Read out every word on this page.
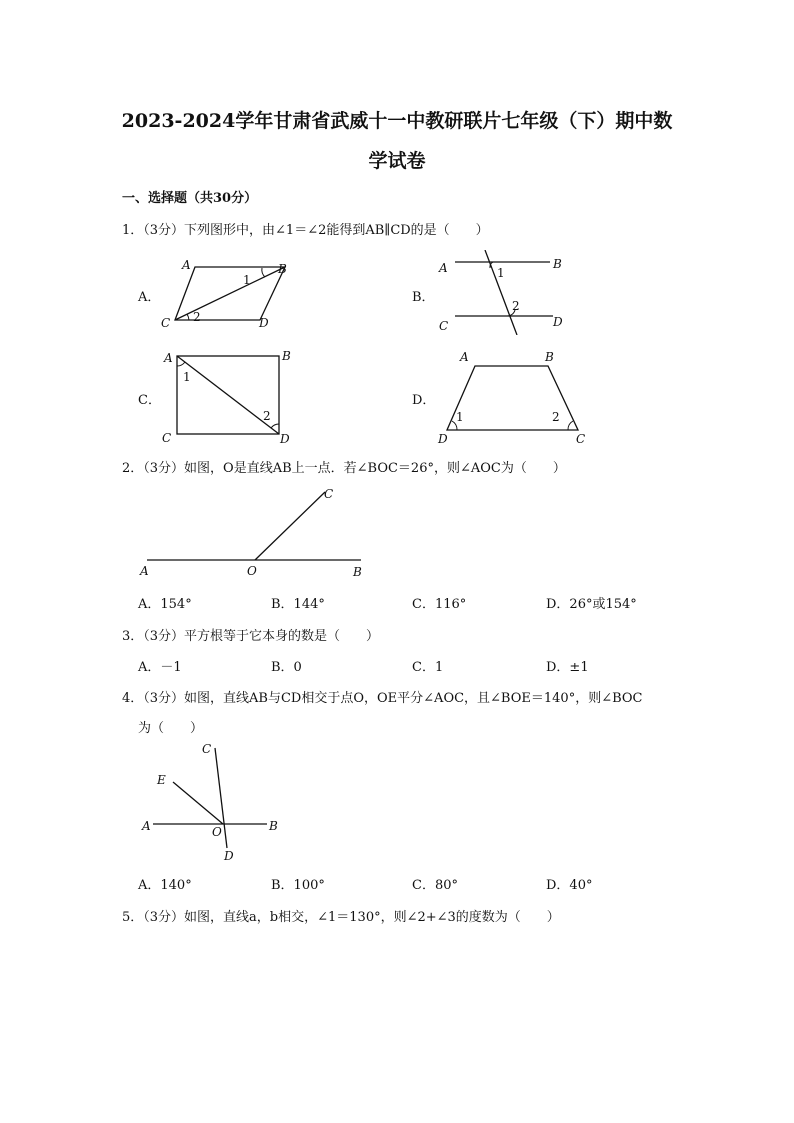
2023-2024学年甘肃省武威十一中教研联片七年级（下）期中数
学试卷
一、选择题（共30分）
1．（3分）下列图形中，由∠1＝∠2能得到AB∥CD的是（　　）
A．
A	B
C	D
1
2
B．
A	B
C	D
1
2
C．
A	B
C	D
1
2
D．
A	B
C
D
1	2
2．（3分）如图，O是直线AB上一点．若∠BOC＝26°，则∠AOC为（　　）
A	O	B
C
A．154°	B．144°	C．116°	D．26°或154°
3．（3分）平方根等于它本身的数是（　　）
A．－1	B．0	C．1	D．±1
4．（3分）如图，直线AB与CD相交于点O，OE平分∠AOC，且∠BOE＝140°，则∠BOC
为（　　）
A	B
C
D
E
O
A．140°	B．100°	C．80°	D．40°
5．（3分）如图，直线a，b相交，∠1＝130°，则∠2+∠3的度数为（　　）
